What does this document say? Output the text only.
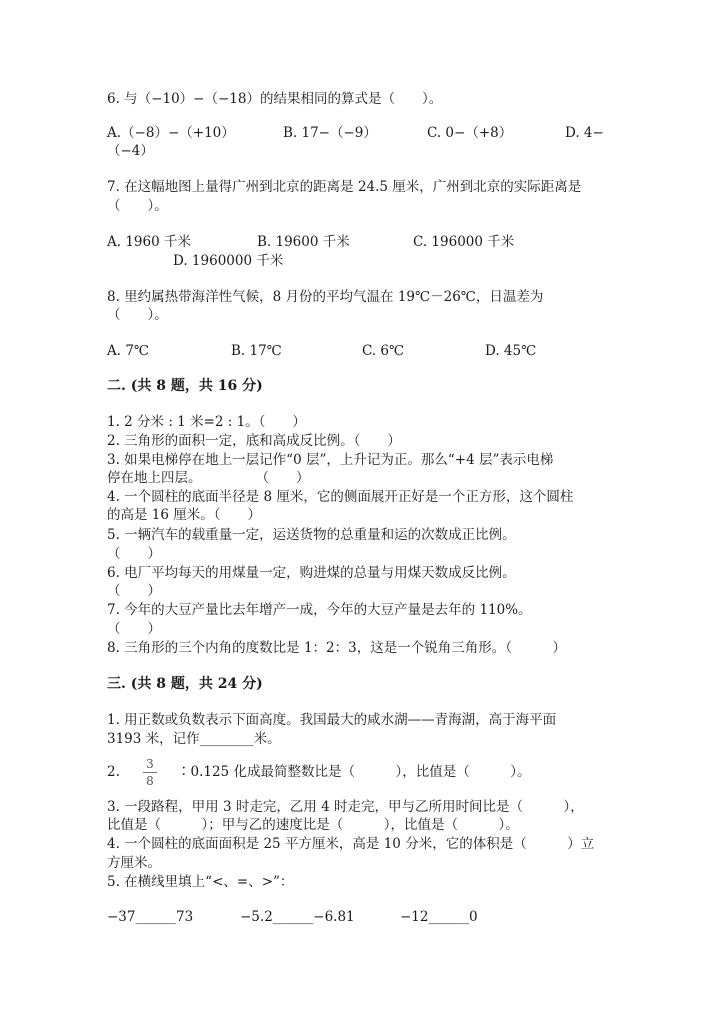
6. 与（−10）−（−18）的结果相同的算式是（　　）。
A.（−8）−（+10）	B. 17−（−9）	C. 0−（+8）	D. 4−
（−4）
7. 在这幅地图上量得广州到北京的距离是 24.5 厘米，广州到北京的实际距离是
（　　）。
A. 1960 千米	B. 19600 千米	C. 196000 千米
D. 1960000 千米
8. 里约属热带海洋性气候，8 月份的平均气温在 19℃－26℃，日温差为
（　　）。
A. 7℃	B. 17℃	C. 6℃	D. 45℃
二. (共 8 题，共 16 分)
1. 2 分米 : 1 米=2 : 1。（　　）
2. 三角形的面积一定，底和高成反比例。（　　）
3. 如果电梯停在地上一层记作“0 层”，上升记为正。那么“+4 层”表示电梯
停在地上四层。　　　　　（　　）
4. 一个圆柱的底面半径是 8 厘米，它的侧面展开正好是一个正方形，这个圆柱
的高是 16 厘米。（　　）
5. 一辆汽车的载重量一定，运送货物的总重量和运的次数成正比例。
（　　）
6. 电厂平均每天的用煤量一定，购进煤的总量与用煤天数成反比例。
（　　）
7. 今年的大豆产量比去年增产一成，今年的大豆产量是去年的 110%。
（　　）
8. 三角形的三个内角的度数比是 1：2：3，这是一个锐角三角形。（　　　）
三. (共 8 题，共 24 分)
1. 用正数或负数表示下面高度。我国最大的咸水湖——青海湖，高于海平面
3193 米，记作________米。
2. 3
8
∶0.125 化成最简整数比是（　　　），比值是（　　　）。
3. 一段路程，甲用 3 时走完，乙用 4 时走完，甲与乙所用时间比是（　　　），
比值是（　　　）；甲与乙的速度比是（　　　），比值是（　　　）。
4. 一个圆柱的底面面积是 25 平方厘米，高是 10 分米，它的体积是（　　　）立
方厘米。
5. 在横线里填上“<、=、>”：
−37______73	−5.2______−6.81	−12______0
